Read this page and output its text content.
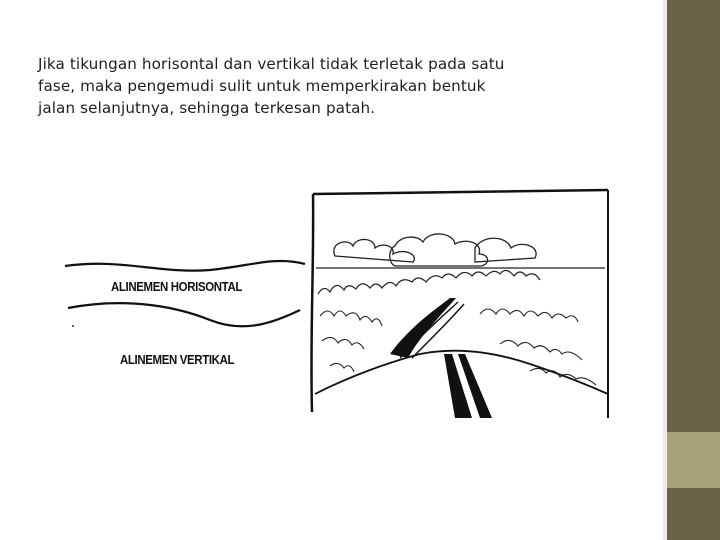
Jika tikungan horisontal dan vertikal tidak terletak pada satu fase, maka pengemudi sulit untuk memperkirakan bentuk jalan selanjutnya, sehingga terkesan patah.
ALINEMEN HORISONTAL
ALINEMEN VERTIKAL
